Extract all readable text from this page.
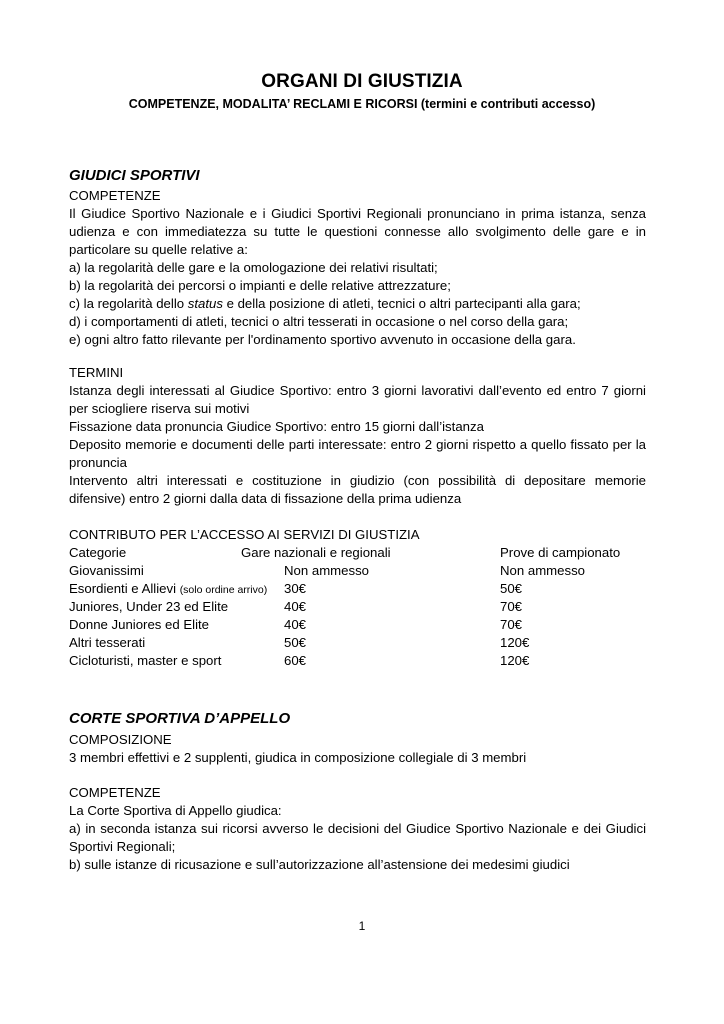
ORGANI DI GIUSTIZIA
COMPETENZE, MODALITA’ RECLAMI E RICORSI (termini e contributi accesso)
GIUDICI SPORTIVI
COMPETENZE
Il Giudice Sportivo Nazionale e i Giudici Sportivi Regionali pronunciano in prima istanza, senza udienza e con immediatezza su tutte le questioni connesse allo svolgimento delle gare e in particolare su quelle relative a:
a) la regolarità delle gare e la omologazione dei relativi risultati;
b) la regolarità dei percorsi o impianti e delle relative attrezzature;
c) la regolarità dello status e della posizione di atleti, tecnici o altri partecipanti alla gara;
d) i comportamenti di atleti, tecnici o altri tesserati in occasione o nel corso della gara;
e) ogni altro fatto rilevante per l'ordinamento sportivo avvenuto in occasione della gara.
TERMINI
Istanza degli interessati al Giudice Sportivo: entro 3 giorni lavorativi dall’evento ed entro 7 giorni per sciogliere riserva sui motivi
Fissazione data pronuncia Giudice Sportivo: entro 15 giorni dall’istanza
Deposito memorie e documenti delle parti interessate: entro 2 giorni rispetto a quello fissato per la pronuncia
Intervento altri interessati e costituzione in giudizio (con possibilità di depositare memorie difensive) entro 2 giorni dalla data di fissazione della prima udienza
CONTRIBUTO PER L’ACCESSO AI SERVIZI DI GIUSTIZIA
Categorie	Gare nazionali e regionali	Prove di campionato
Giovanissimi	Non ammesso	Non ammesso
Esordienti e Allievi (solo ordine arrivo) 30€	50€
Juniores, Under 23 ed Elite	40€	70€
Donne Juniores ed Elite	40€	70€
Altri tesserati	50€	120€
Cicloturisti, master e sport	60€	120€
CORTE SPORTIVA D’APPELLO
COMPOSIZIONE
3 membri effettivi e 2 supplenti, giudica in composizione collegiale di 3 membri
COMPETENZE
La Corte Sportiva di Appello giudica:
a) in seconda istanza sui ricorsi avverso le decisioni del Giudice Sportivo Nazionale e dei Giudici Sportivi Regionali;
b) sulle istanze di ricusazione e sull’autorizzazione all’astensione dei medesimi giudici
1
